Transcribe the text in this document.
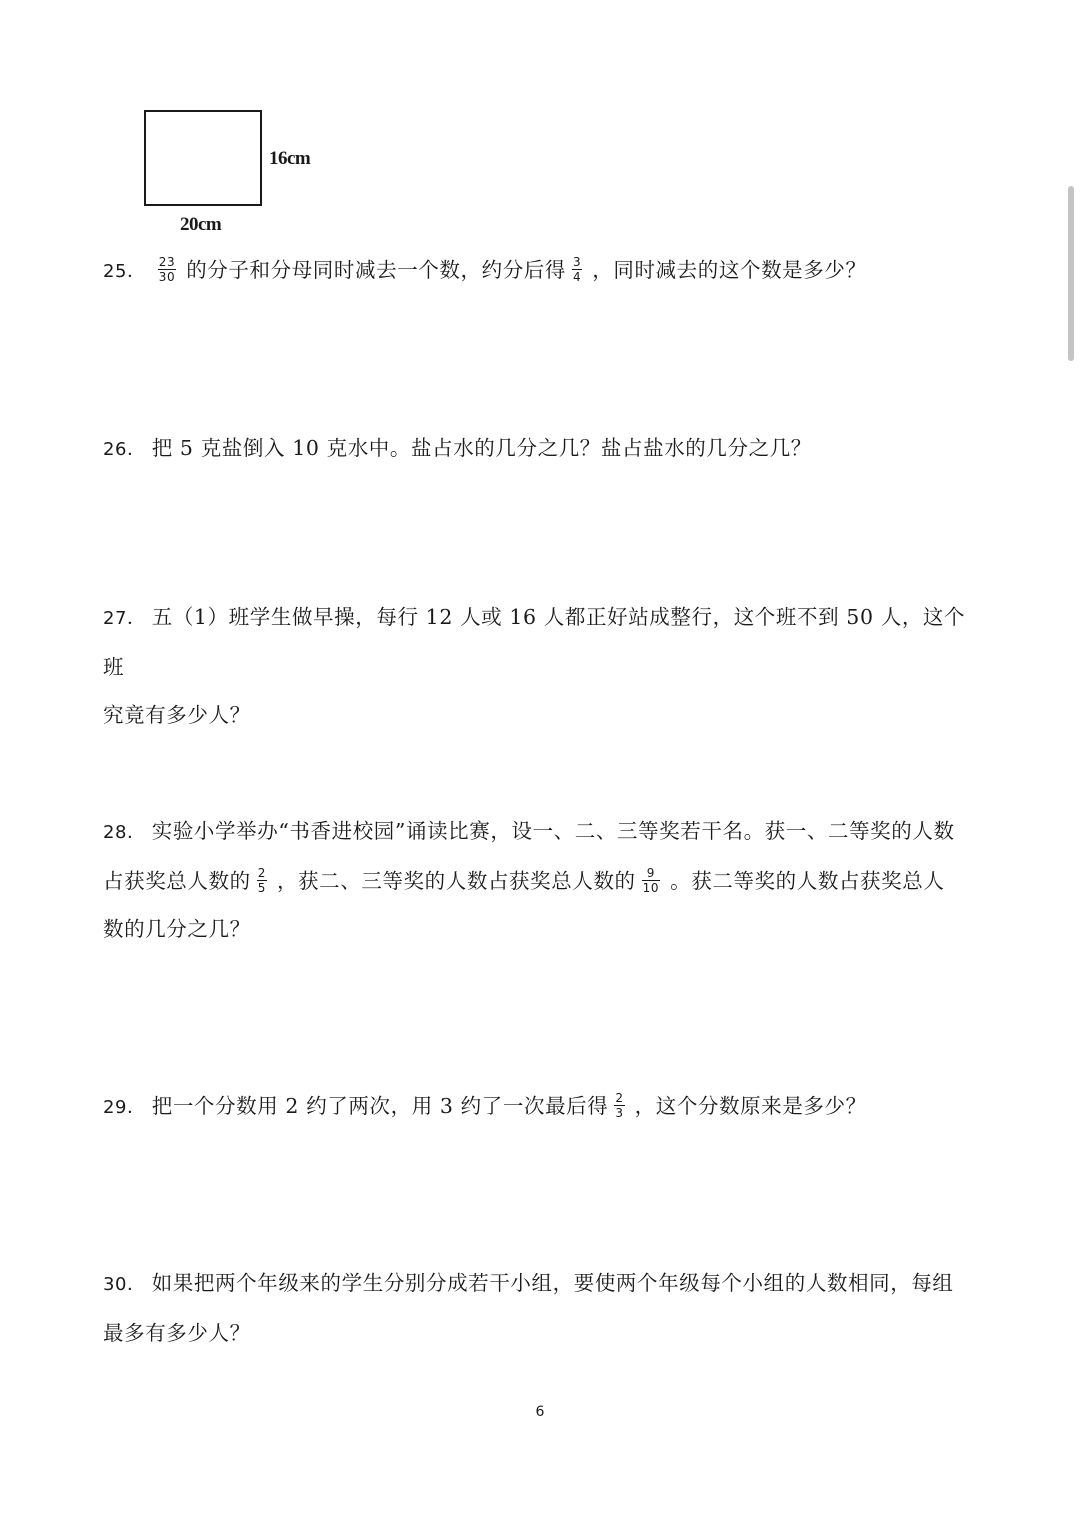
16cm
20cm
25． $\frac{23}{30}$ 的分子和分母同时减去一个数，约分后得 $\frac{3}{4}$ ，同时减去的这个数是多少？
26． 把 5 克盐倒入 10 克水中。盐占水的几分之几？盐占盐水的几分之几？
27． 五（1）班学生做早操，每行 12 人或 16 人都正好站成整行，这个班不到 50 人，这个班
究竟有多少人？
28． 实验小学举办“书香进校园”诵读比赛，设一、二、三等奖若干名。获一、二等奖的人数
占获奖总人数的 $\frac{2}{5}$ ，获二、三等奖的人数占获奖总人数的 $\frac{9}{10}$ 。获二等奖的人数占获奖总人
数的几分之几？
29． 把一个分数用 2 约了两次，用 3 约了一次最后得 $\frac{2}{3}$ ，这个分数原来是多少？
30． 如果把两个年级来的学生分别分成若干小组，要使两个年级每个小组的人数相同，每组
最多有多少人？
6
